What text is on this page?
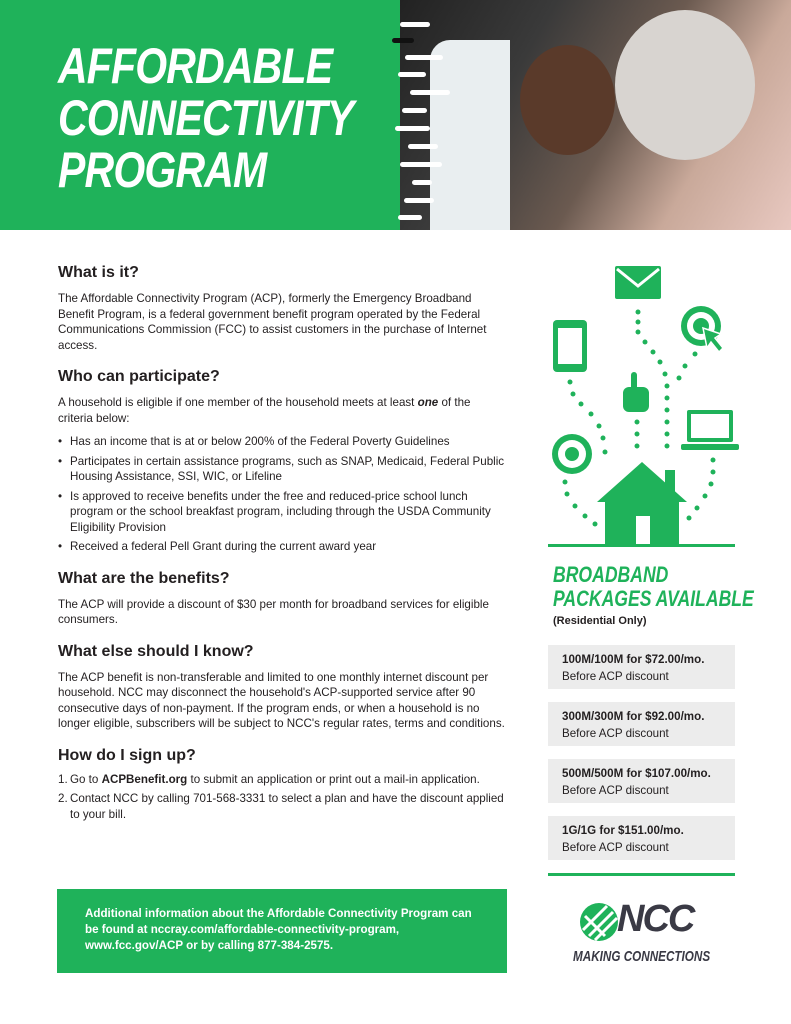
AFFORDABLE
CONNECTIVITY
PROGRAM
What is it?

The Affordable Connectivity Program (ACP), formerly the Emergency Broadband Benefit Program, is a federal government benefit program operated by the Federal Communications Commission (FCC) to assist customers in the purchase of Internet access.

Who can participate?

A household is eligible if one member of the household meets at least one of the criteria below:

• Has an income that is at or below 200% of the Federal Poverty Guidelines
• Participates in certain assistance programs, such as SNAP, Medicaid, Federal Public Housing Assistance, SSI, WIC, or Lifeline
• Is approved to receive benefits under the free and reduced-price school lunch program or the school breakfast program, including through the USDA Community Eligibility Provision
• Received a federal Pell Grant during the current award year
What are the benefits?

The ACP will provide a discount of $30 per month for broadband services for eligible consumers.

What else should I know?

The ACP benefit is non-transferable and limited to one monthly internet discount per household. NCC may disconnect the household's ACP-supported service after 90 consecutive days of non-payment. If the program ends, or when a household is no longer eligible, subscribers will be subject to NCC's regular rates, terms and conditions.

How do I sign up?
1. Go to ACPBenefit.org to submit an application or print out a mail-in application.
2. Contact NCC by calling 701-568-3331 to select a plan and have the discount applied to your bill.
Additional information about the Affordable Connectivity Program can be found at nccray.com/affordable-connectivity-program, www.fcc.gov/ACP or by calling 877-384-2575.
BROADBAND
PACKAGES AVAILABLE
(Residential Only)
100M/100M for $72.00/mo.
Before ACP discount
300M/300M for $92.00/mo.
Before ACP discount
500M/500M for $107.00/mo.
Before ACP discount
1G/1G for $151.00/mo.
Before ACP discount
NCC
MAKING CONNECTIONS
